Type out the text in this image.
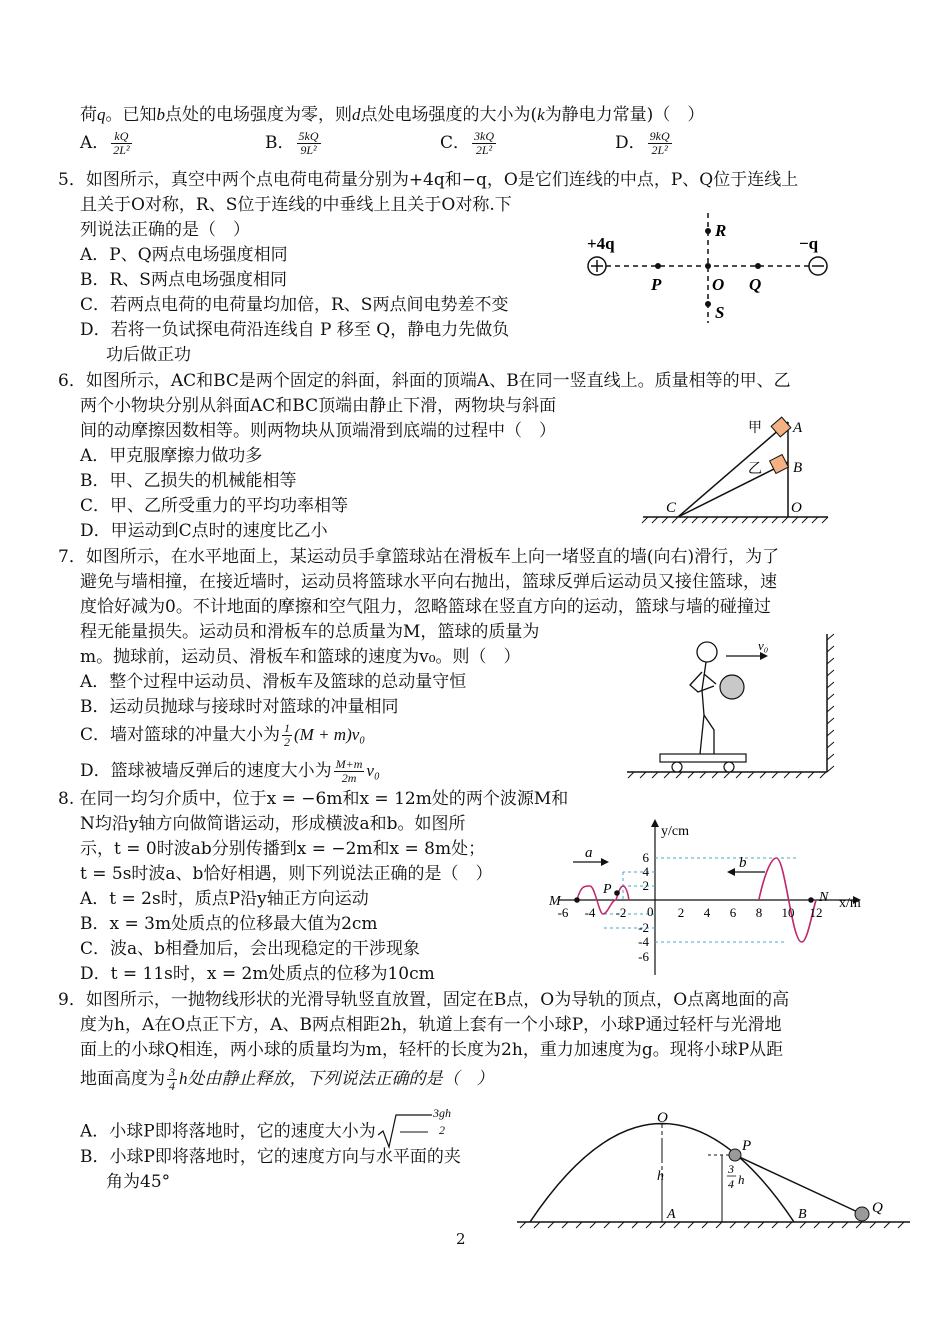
荷q。已知b点处的电场强度为零，则d点处电场强度的大小为(k为静电力常量)（　）
A． $\frac{kQ}{\text{2L²}}$	B． $\frac{5kQ}{\text{9L²}}$	C． $\frac{3kQ}{\text{2L²}}$	D． $\frac{9kQ}{\text{2L²}}$
5．如图所示，真空中两个点电荷电荷量分别为+4q和−q，O是它们连线的中点，P、Q位于连线上
且关于O对称，R、S位于连线的中垂线上且关于O对称.下
列说法正确的是（　）
A．P、Q两点电场强度相同
B．R、S两点电场强度相同
C．若两点电荷的电荷量均加倍，R、S两点间电势差不变
D．若将一负试探电荷沿连线自 P 移至 Q，静电力先做负
功后做正功
+4q	−q
R
S
P	O Q
6．如图所示，AC和BC是两个固定的斜面，斜面的顶端A、B在同一竖直线上。质量相等的甲、乙
两个小物块分别从斜面AC和BC顶端由静止下滑，两物块与斜面
间的动摩擦因数相等。则两物块从顶端滑到底端的过程中（　）
A．甲克服摩擦力做功多
B．甲、乙损失的机械能相等
C．甲、乙所受重力的平均功率相等
D．甲运动到C点时的速度比乙小
甲
乙
A
B
C	O
7．如图所示，在水平地面上，某运动员手拿篮球站在滑板车上向一堵竖直的墙(向右)滑行，为了
避免与墙相撞，在接近墙时，运动员将篮球水平向右抛出，篮球反弹后运动员又接住篮球，速
度恰好减为0。不计地面的摩擦和空气阻力，忽略篮球在竖直方向的运动，篮球与墙的碰撞过
程无能量损失。运动员和滑板车的总质量为M，篮球的质量为
m。抛球前，运动员、滑板车和篮球的速度为v₀。则（　）
A．整个过程中运动员、滑板车及篮球的总动量守恒
B．运动员抛球与接球时对篮球的冲量相同
C．墙对篮球的冲量大小为 $\frac{1}{2} (M + m)v_0$
D．篮球被墙反弹后的速度大小为 $\frac{M+m}{2m} v_0$
v₀
8. 在同一均匀介质中，位于x = −6m和x = 12m处的两个波源M和
N均沿y轴方向做简谐运动，形成横波a和b。如图所
示，t = 0时波ab分别传播到x = −2m和x = 8m处；
t = 5s时波a、b恰好相遇，则下列说法正确的是（　）
A．t = 2s时，质点P沿y轴正方向运动
B．x = 3m处质点的位移最大值为2cm
C．波a、b相叠加后，会出现稳定的干涉现象
D．t = 11s时，x = 2m处质点的位移为10cm
a
b
P
M	N
y/cm
x/m
0
6
4
2
-2
-4
-6
-6 -4 -2	2 4 6 8 10 12
9．如图所示，一抛物线形状的光滑导轨竖直放置，固定在B点，O为导轨的顶点，O点离地面的高
度为h，A在O点正下方，A、B两点相距2h，轨道上套有一个小球P，小球P通过轻杆与光滑地
面上的小球Q相连，两小球的质量均为m，轻杆的长度为2h，重力加速度为g。现将小球P从距
地面高度为 $\frac{3}{4}$ h处由静止释放，下列说法正确的是（　）
A．小球P即将落地时，它的速度大小为
3gh
2
B．小球P即将落地时，它的速度方向与水平面的夹
角为45°
O
P
Q
A	B
h	3
4 h
2
